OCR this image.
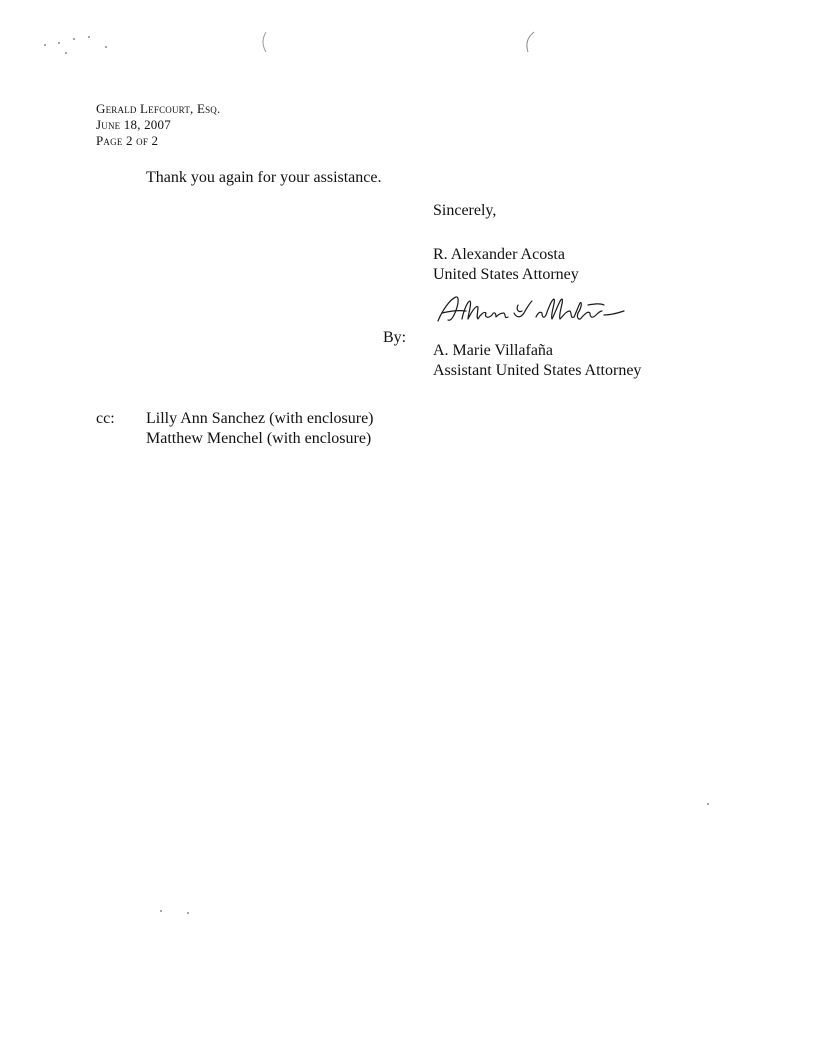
Gerald Lefcourt, Esq.
June 18, 2007
Page 2 of 2
Thank you again for your assistance.
Sincerely,
R. Alexander Acosta
United States Attorney
By:
A. Marie Villafaña
Assistant United States Attorney
cc: Lilly Ann Sanchez (with enclosure)
Matthew Menchel (with enclosure)
